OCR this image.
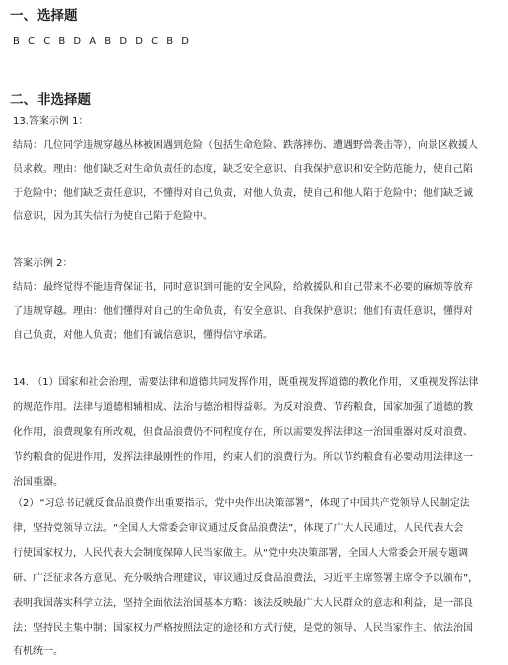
一、选择题
B C C B D A B D D C B D
二、非选择题
13.答案示例 1：
结局：几位同学违规穿越丛林被困遇到危险（包括生命危险、跌落摔伤、遭遇野兽袭击等），向景区救援人
员求救。理由：他们缺乏对生命负责任的态度，缺乏安全意识、自我保护意识和安全防范能力，使自己陷
于危险中；他们缺乏责任意识，不懂得对自己负责，对他人负责，使自己和他人陷于危险中；他们缺乏诚
信意识，因为其失信行为使自己陷于危险中。
答案示例 2：
结局：最终觉得不能违背保证书，同时意识到可能的安全风险，给救援队和自己带来不必要的麻烦等放弃
了违规穿越。理由：他们懂得对自己的生命负责，有安全意识、自我保护意识；他们有责任意识，懂得对
自己负责，对他人负责；他们有诚信意识，懂得信守承诺。
14. （1）国家和社会治理，需要法律和道德共同发挥作用，既重视发挥道德的教化作用，又重视发挥法律
的规范作用。法律与道德相辅相成、法治与德治相得益彰。为反对浪费、节药粮食，国家加强了道德的教
化作用，浪费现象有所改观，但食品浪费仍不同程度存在，所以需要发挥法律这一治国重器对反对浪费、
节约粮食的促进作用，发挥法律最刚性的作用，约束人们的浪费行为。所以节约粮食有必要动用法律这一
治国重器。
（2）“习总书记就反食品浪费作出重要指示，党中央作出决策部署”，体现了中国共产党领导人民制定法
律，坚持党领导立法。“全国人大常委会审议通过反食品浪费法”，体现了广大人民通过，人民代表大会
行使国家权力，人民代表大会制度保障人民当家做主。从“党中央决策部署，全国人大常委会开展专题调
研、广泛征求各方意见、充分吸纳合理建议，审议通过反食品浪费法，习近平主席签署主席令予以颁布”，
表明我国落实科学立法，坚持全面依法治国基本方略：该法反映最广大人民群众的意志和利益，是一部良
法；坚持民主集中制；国家权力严格按照法定的途径和方式行使，是党的领导、人民当家作主、依法治国
有机统一。
